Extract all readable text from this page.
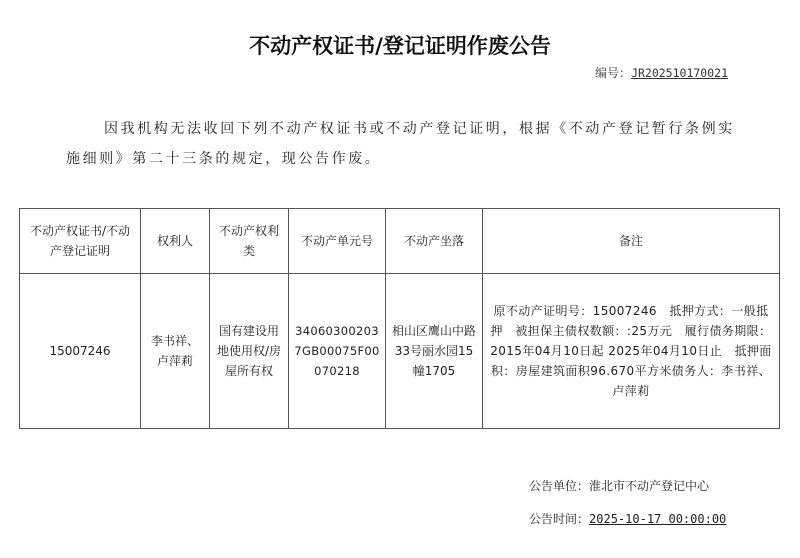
不动产权证书/登记证明作废公告
编号：JR2025101700​21
因我机构无法收回下列不动产权证书或不动产登记证明，根据《不动产登记暂行条例实施细则》第二十三条的规定，现公告作废。
不动产权证书/不动产登记证明	权利人	不动产权利类	不动产单元号	不动产坐落	备注
15007246	李书祥、卢萍莉	国有建设用地使用权/房屋所有权	340603002037GB00075F00070218	相山区鹰山中路33号丽水园15幢1705	原不动产证明号：15007246　抵押方式：一般抵押　被担保主债权数额：:25万元　履行债务期限：2015年04月10日起 2025年04月10日止　抵押面积：房屋建筑面积96.670平方米债务人：李书祥、卢萍莉
公告单位：淮北市不动产登记中心
公告时间：2025-10-17 00:00:00
